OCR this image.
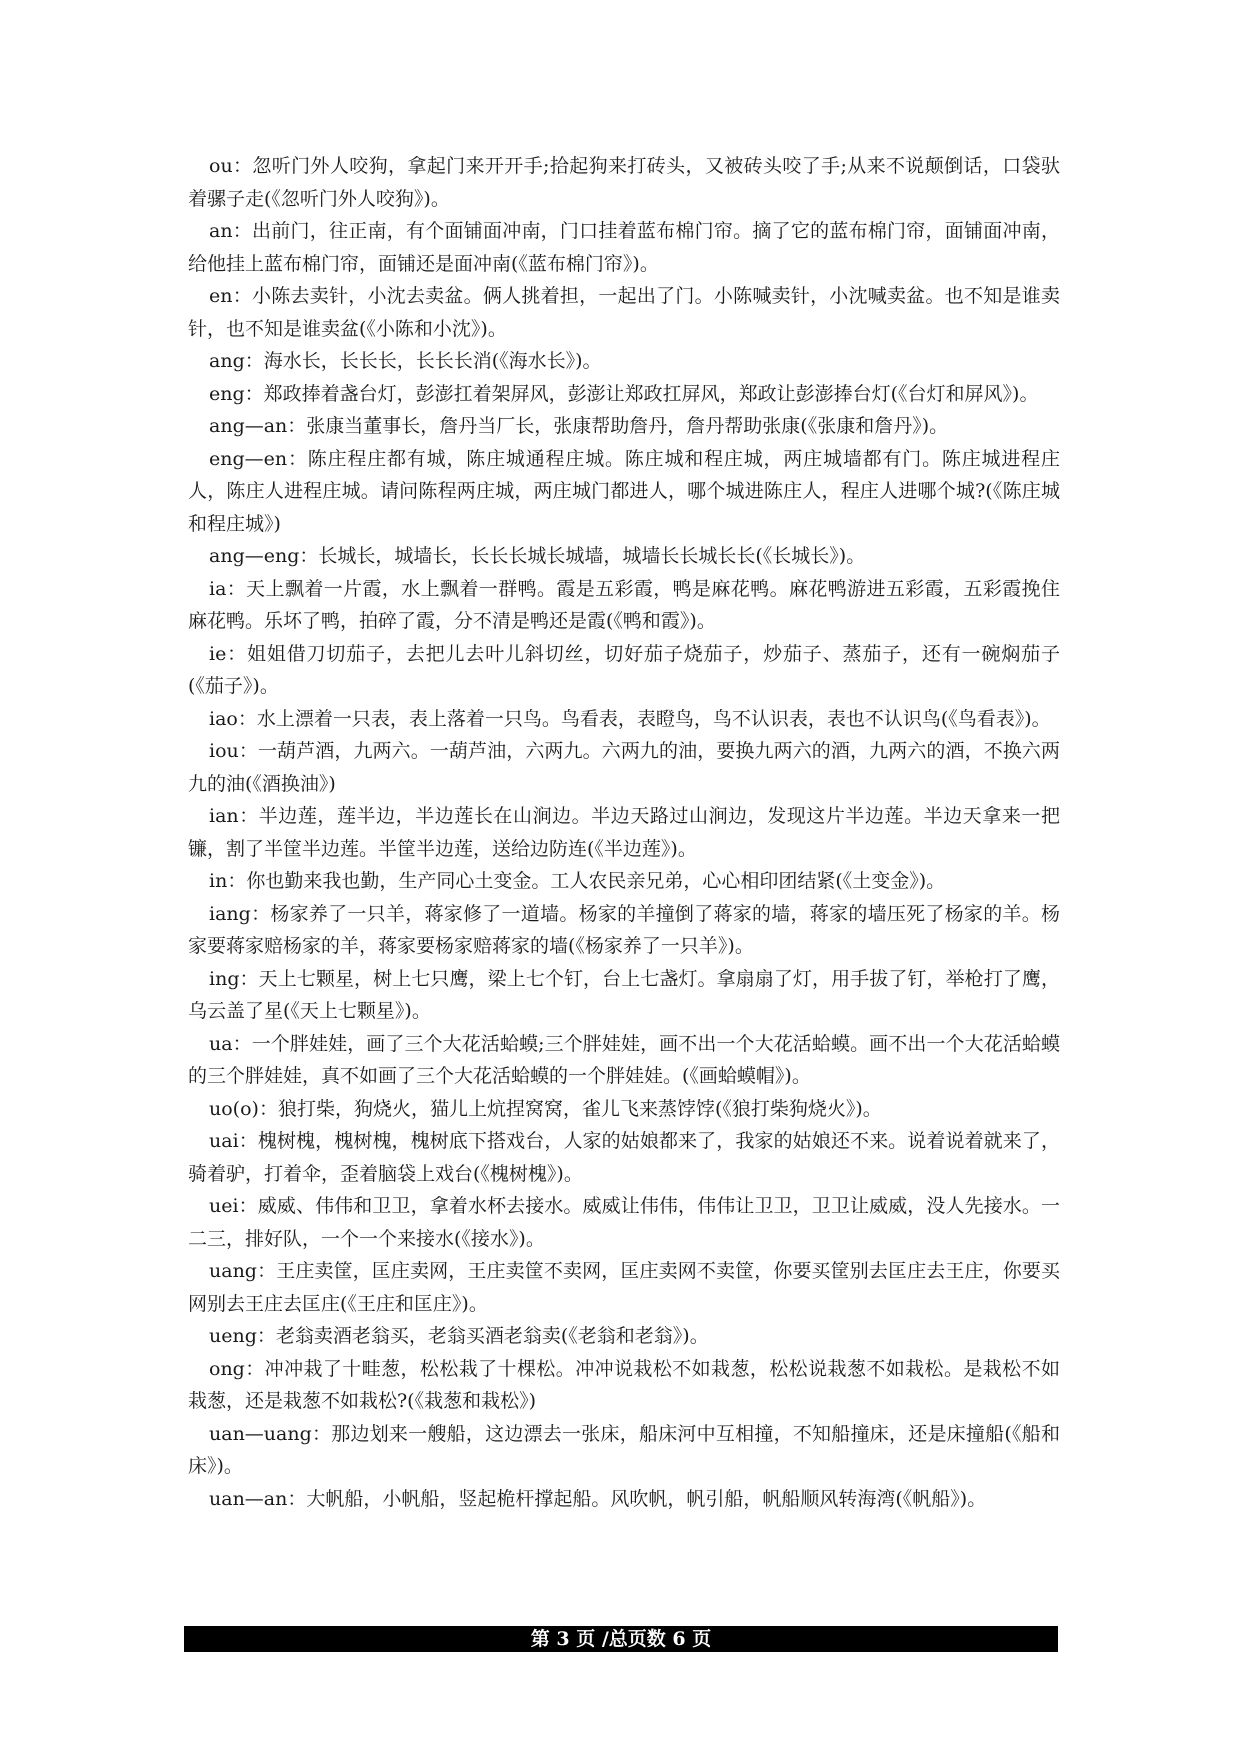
ou：忽听门外人咬狗，拿起门来开开手;拾起狗来打砖头，又被砖头咬了手;从来不说颠倒话，口袋驮着骡子走(《忽听门外人咬狗》)。

an：出前门，往正南，有个面铺面冲南，门口挂着蓝布棉门帘。摘了它的蓝布棉门帘，面铺面冲南，给他挂上蓝布棉门帘，面铺还是面冲南(《蓝布棉门帘》)。

en：小陈去卖针，小沈去卖盆。俩人挑着担，一起出了门。小陈喊卖针，小沈喊卖盆。也不知是谁卖针，也不知是谁卖盆(《小陈和小沈》)。

ang：海水长，长长长，长长长消(《海水长》)。

eng：郑政捧着盏台灯，彭澎扛着架屏风，彭澎让郑政扛屏风，郑政让彭澎捧台灯(《台灯和屏风》)。

ang—an：张康当董事长，詹丹当厂长，张康帮助詹丹，詹丹帮助张康(《张康和詹丹》)。

eng—en：陈庄程庄都有城，陈庄城通程庄城。陈庄城和程庄城，两庄城墙都有门。陈庄城进程庄人，陈庄人进程庄城。请问陈程两庄城，两庄城门都进人，哪个城进陈庄人，程庄人进哪个城?(《陈庄城和程庄城》)

ang—eng：长城长，城墙长，长长长城长城墙，城墙长长城长长(《长城长》)。

ia：天上飘着一片霞，水上飘着一群鸭。霞是五彩霞，鸭是麻花鸭。麻花鸭游进五彩霞，五彩霞挽住麻花鸭。乐坏了鸭，拍碎了霞，分不清是鸭还是霞(《鸭和霞》)。

ie：姐姐借刀切茄子，去把儿去叶儿斜切丝，切好茄子烧茄子，炒茄子、蒸茄子，还有一碗焖茄子(《茄子》)。

iao：水上漂着一只表，表上落着一只鸟。鸟看表，表瞪鸟，鸟不认识表，表也不认识鸟(《鸟看表》)。

iou：一葫芦酒，九两六。一葫芦油，六两九。六两九的油，要换九两六的酒，九两六的酒，不换六两九的油(《酒换油》)

ian：半边莲，莲半边，半边莲长在山涧边。半边天路过山涧边，发现这片半边莲。半边天拿来一把镰，割了半筐半边莲。半筐半边莲，送给边防连(《半边莲》)。

in：你也勤来我也勤，生产同心土变金。工人农民亲兄弟，心心相印团结紧(《土变金》)。

iang：杨家养了一只羊，蒋家修了一道墙。杨家的羊撞倒了蒋家的墙，蒋家的墙压死了杨家的羊。杨家要蒋家赔杨家的羊，蒋家要杨家赔蒋家的墙(《杨家养了一只羊》)。

ing：天上七颗星，树上七只鹰，梁上七个钉，台上七盏灯。拿扇扇了灯，用手拔了钉，举枪打了鹰，乌云盖了星(《天上七颗星》)。

ua：一个胖娃娃，画了三个大花活蛤蟆;三个胖娃娃，画不出一个大花活蛤蟆。画不出一个大花活蛤蟆的三个胖娃娃，真不如画了三个大花活蛤蟆的一个胖娃娃。(《画蛤蟆帽》)。

uo(o)：狼打柴，狗烧火，猫儿上炕捏窝窝，雀儿飞来蒸饽饽(《狼打柴狗烧火》)。

uai：槐树槐，槐树槐，槐树底下搭戏台，人家的姑娘都来了，我家的姑娘还不来。说着说着就来了，骑着驴，打着伞，歪着脑袋上戏台(《槐树槐》)。

uei：威威、伟伟和卫卫，拿着水杯去接水。威威让伟伟，伟伟让卫卫，卫卫让威威，没人先接水。一二三，排好队，一个一个来接水(《接水》)。

uang：王庄卖筐，匡庄卖网，王庄卖筐不卖网，匡庄卖网不卖筐，你要买筐别去匡庄去王庄，你要买网别去王庄去匡庄(《王庄和匡庄》)。

ueng：老翁卖酒老翁买，老翁买酒老翁卖(《老翁和老翁》)。

ong：冲冲栽了十畦葱，松松栽了十棵松。冲冲说栽松不如栽葱，松松说栽葱不如栽松。是栽松不如栽葱，还是栽葱不如栽松?(《栽葱和栽松》)

uan—uang：那边划来一艘船，这边漂去一张床，船床河中互相撞，不知船撞床，还是床撞船(《船和床》)。

uan—an：大帆船，小帆船，竖起桅杆撑起船。风吹帆，帆引船，帆船顺风转海湾(《帆船》)。

第 3 页 /总页数 6 页
